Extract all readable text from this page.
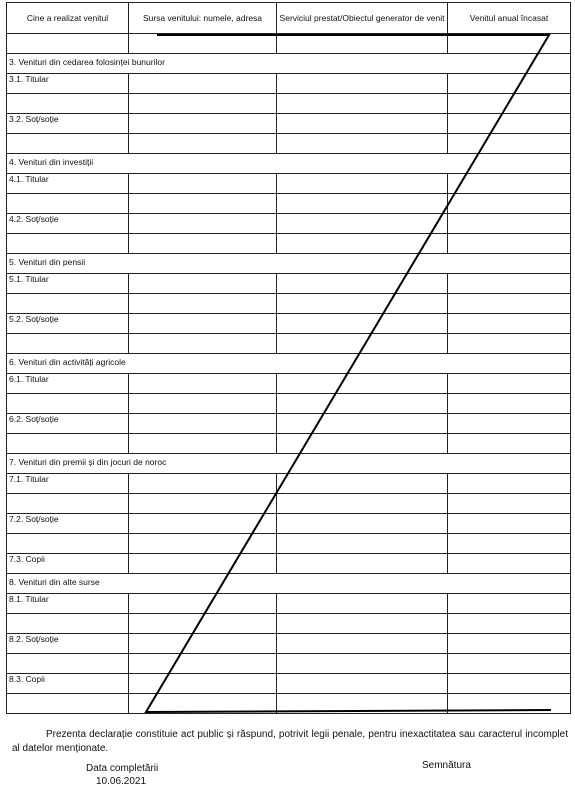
Cine a realizat venitul	Sursa venitului: numele, adresa	Serviciul prestat/Obiectul generator de venit	Venitul anual încasat

3. Venituri din cedarea folosinței bunurilor			
3.1. Titular			

3.2. Soț/soție			

4. Venituri din investiții			
4.1. Titular			

4.2. Soț/soție			

5. Venituri din pensii			
5.1. Titular			

5.2. Soț/soție			

6. Venituri din activități agricole			
6.1. Titular			

6.2. Soț/soție			

7. Venituri din premii și din jocuri de noroc			
7.1. Titular			

7.2. Soț/soție			

7.3. Copii			
8. Venituri din alte surse			
8.1. Titular			

8.2. Soț/soție			

8.3. Copii			

Prezenta declarație constituie act public și răspund, potrivit legii penale, pentru inexactitatea sau caracterul incomplet al datelor menționate.
Data completării
10.06.2021
Semnătura
